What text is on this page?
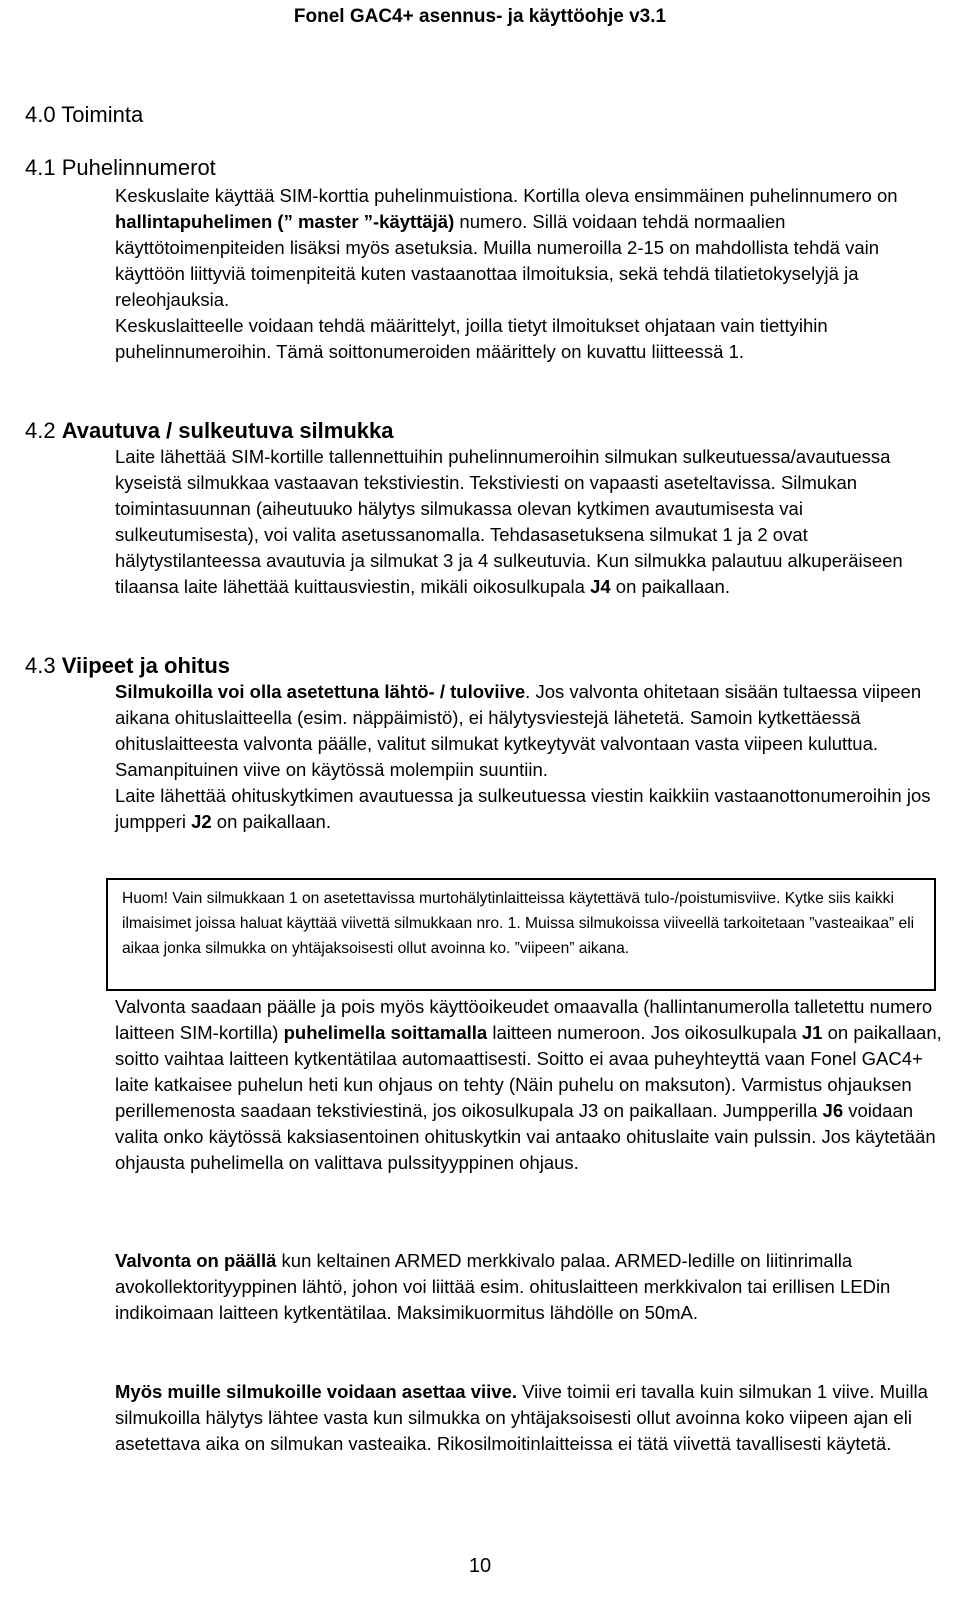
Fonel GAC4+ asennus- ja käyttöohje v3.1
4.0 Toiminta
4.1 Puhelinnumerot

Keskuslaite käyttää SIM-korttia puhelinmuistiona. Kortilla oleva ensimmäinen puhelinnumero on hallintapuhelimen (” master ”-käyttäjä) numero. Sillä voidaan tehdä normaalien käyttötoimenpiteiden lisäksi myös asetuksia. Muilla numeroilla 2-15 on mahdollista tehdä vain käyttöön liittyviä toimenpiteitä kuten vastaanottaa ilmoituksia, sekä tehdä tilatietokyselyjä ja releohjauksia.

Keskuslaitteelle voidaan tehdä määrittelyt, joilla tietyt ilmoitukset ohjataan vain tiettyihin puhelinnumeroihin. Tämä soittonumeroiden määrittely on kuvattu liitteessä 1.

4.2 Avautuva / sulkeutuva silmukka

Laite lähettää SIM-kortille tallennettuihin puhelinnumeroihin silmukan sulkeutuessa/avautuessa kyseistä silmukkaa vastaavan tekstiviestin. Tekstiviesti on vapaasti aseteltavissa. Silmukan toimintasuunnan (aiheutuuko hälytys silmukassa olevan kytkimen avautumisesta vai sulkeutumisesta), voi valita asetussanomalla. Tehdasasetuksena silmukat 1 ja 2 ovat hälytystilanteessa avautuvia ja silmukat 3 ja 4 sulkeutuvia. Kun silmukka palautuu alkuperäiseen tilaansa laite lähettää kuittausviestin, mikäli oikosulkupala J4 on paikallaan.

4.3 Viipeet ja ohitus

Silmukoilla voi olla asetettuna lähtö- / tuloviive. Jos valvonta ohitetaan sisään tultaessa viipeen aikana ohituslaitteella (esim. näppäimistö), ei hälytysviestejä lähetetä. Samoin kytkettäessä ohituslaitteesta valvonta päälle, valitut silmukat kytkeytyvät valvontaan vasta viipeen kuluttua. Samanpituinen viive on käytössä molempiin suuntiin.

Laite lähettää ohituskytkimen avautuessa ja sulkeutuessa viestin kaikkiin vastaanottonumeroihin jos jumpperi J2 on paikallaan.

Huom! Vain silmukkaan 1 on asetettavissa murtohälytinlaitteissa käytettävä tulo-/poistumisviive. Kytke siis kaikki ilmaisimet joissa haluat käyttää viivettä silmukkaan nro. 1. Muissa silmukoissa viiveellä tarkoitetaan ”vasteaikaa” eli aikaa jonka silmukka on yhtäjaksoisesti ollut avoinna ko. ”viipeen” aikana.

Valvonta saadaan päälle ja pois myös käyttöoikeudet omaavalla (hallintanumerolla talletettu numero laitteen SIM-kortilla) puhelimella soittamalla laitteen numeroon. Jos oikosulkupala J1 on paikallaan, soitto vaihtaa laitteen kytkentätilaa automaattisesti. Soitto ei avaa puheyhteyttä vaan Fonel GAC4+ laite katkaisee puhelun heti kun ohjaus on tehty (Näin puhelu on maksuton). Varmistus ohjauksen perillemenosta saadaan tekstiviestinä, jos oikosulkupala J3 on paikallaan. Jumpperilla J6 voidaan valita onko käytössä kaksiasentoinen ohituskytkin vai antaako ohituslaite vain pulssin. Jos käytetään ohjausta puhelimella on valittava pulssityyppinen ohjaus.

Valvonta on päällä kun keltainen ARMED merkkivalo palaa. ARMED-ledille on liitinrimalla avokollektorityyppinen lähtö, johon voi liittää esim. ohituslaitteen merkkivalon tai erillisen LEDin indikoimaan laitteen kytkentätilaa. Maksimikuormitus lähdölle on 50mA.

Myös muille silmukoille voidaan asettaa viive. Viive toimii eri tavalla kuin silmukan 1 viive. Muilla silmukoilla hälytys lähtee vasta kun silmukka on yhtäjaksoisesti ollut avoinna koko viipeen ajan eli asetettava aika on silmukan vasteaika. Rikosilmoitinlaitteissa ei tätä viivettä tavallisesti käytetä.

10
